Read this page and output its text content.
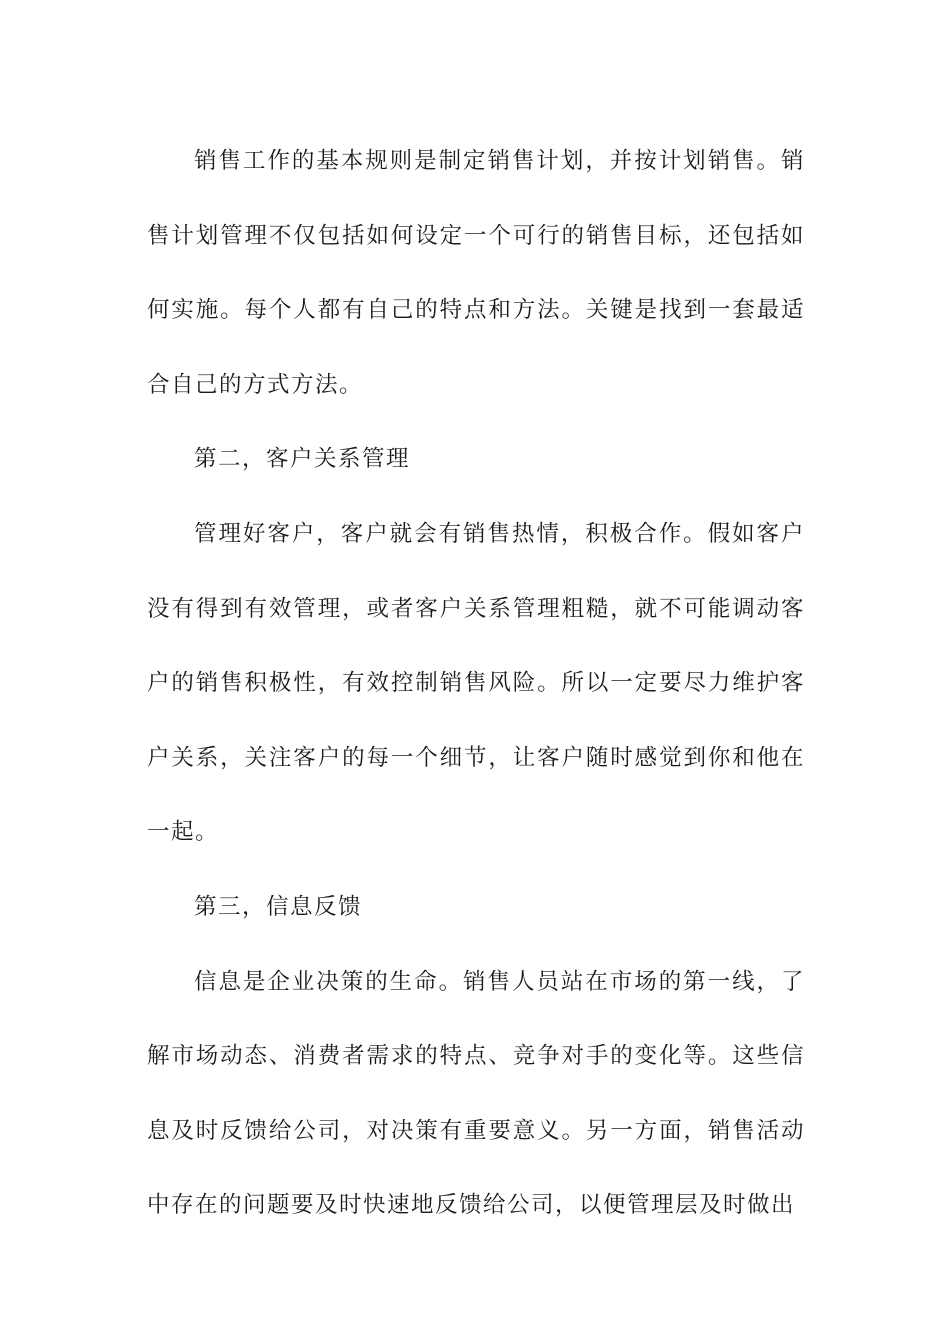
销售工作的基本规则是制定销售计划，并按计划销售。销售计划管理不仅包括如何设定一个可行的销售目标，还包括如何实施。每个人都有自己的特点和方法。关键是找到一套最适合自己的方式方法。

第二，客户关系管理

管理好客户，客户就会有销售热情，积极合作。假如客户没有得到有效管理，或者客户关系管理粗糙，就不可能调动客户的销售积极性，有效控制销售风险。所以一定要尽力维护客户关系，关注客户的每一个细节，让客户随时感觉到你和他在一起。

第三，信息反馈

信息是企业决策的生命。销售人员站在市场的第一线，了解市场动态、消费者需求的特点、竞争对手的变化等。这些信息及时反馈给公司，对决策有重要意义。另一方面，销售活动中存在的问题要及时快速地反馈给公司，以便管理层及时做出
